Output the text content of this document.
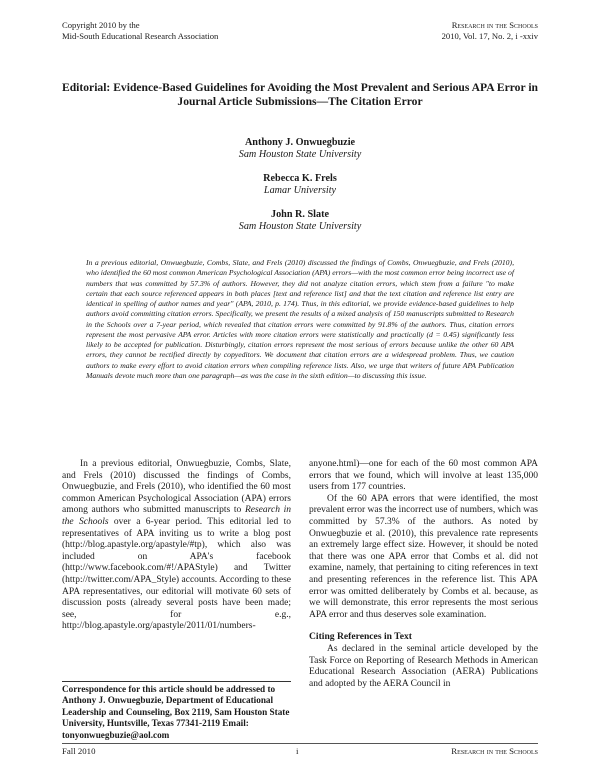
Copyright 2010 by the
Mid-South Educational Research Association
Research in the Schools
2010, Vol. 17, No. 2, i -xxiv
Editorial: Evidence-Based Guidelines for Avoiding the Most Prevalent and Serious APA Error in Journal Article Submissions—The Citation Error
Anthony J. Onwuegbuzie
Sam Houston State University
Rebecca K. Frels
Lamar University
John R. Slate
Sam Houston State University
In a previous editorial, Onwuegbuzie, Combs, Slate, and Frels (2010) discussed the findings of Combs, Onwuegbuzie, and Frels (2010), who identified the 60 most common American Psychological Association (APA) errors—with the most common error being incorrect use of numbers that was committed by 57.3% of authors. However, they did not analyze citation errors, which stem from a failure "to make certain that each source referenced appears in both places [text and reference list] and that the text citation and reference list entry are identical in spelling of author names and year" (APA, 2010, p. 174). Thus, in this editorial, we provide evidence-based guidelines to help authors avoid committing citation errors. Specifically, we present the results of a mixed analysis of 150 manuscripts submitted to Research in the Schools over a 7-year period, which revealed that citation errors were committed by 91.8% of the authors. Thus, citation errors represent the most pervasive APA error. Articles with more citation errors were statistically and practically (d = 0.45) significantly less likely to be accepted for publication. Disturbingly, citation errors represent the most serious of errors because unlike the other 60 APA errors, they cannot be rectified directly by copyeditors. We document that citation errors are a widespread problem. Thus, we caution authors to make every effort to avoid citation errors when compiling reference lists. Also, we urge that writers of future APA Publication Manuals devote much more than one paragraph—as was the case in the sixth edition—to discussing this issue.

In a previous editorial, Onwuegbuzie, Combs, Slate, and Frels (2010) discussed the findings of Combs, Onwuegbuzie, and Frels (2010), who identified the 60 most common American Psychological Association (APA) errors among authors who submitted manuscripts to Research in the Schools over a 6-year period. This editorial led to representatives of APA inviting us to write a blog post (http://blog.apastyle.org/apastyle/#tp), which also was included on APA's facebook (http://www.facebook.com/#!/APAStyle) and Twitter (http://twitter.com/APA_Style) accounts. According to these APA representatives, our editorial will motivate 60 sets of discussion posts (already several posts have been made; see, for e.g., http://blog.apastyle.org/apastyle/2011/01/numbers-

Correspondence for this article should be addressed to Anthony J. Onwuegbuzie, Department of Educational Leadership and Counseling, Box 2119, Sam Houston State University, Huntsville, Texas 77341-2119 Email: tonyonwuegbuzie@aol.com

anyone.html)—one for each of the 60 most common APA errors that we found, which will involve at least 135,000 users from 177 countries.

Of the 60 APA errors that were identified, the most prevalent error was the incorrect use of numbers, which was committed by 57.3% of the authors. As noted by Onwuegbuzie et al. (2010), this prevalence rate represents an extremely large effect size. However, it should be noted that there was one APA error that Combs et al. did not examine, namely, that pertaining to citing references in text and presenting references in the reference list. This APA error was omitted deliberately by Combs et al. because, as we will demonstrate, this error represents the most serious APA error and thus deserves sole examination.

Citing References in Text

As declared in the seminal article developed by the Task Force on Reporting of Research Methods in American Educational Research Association (AERA) Publications and adopted by the AERA Council in

Fall 2010	i	Research in the Schools
